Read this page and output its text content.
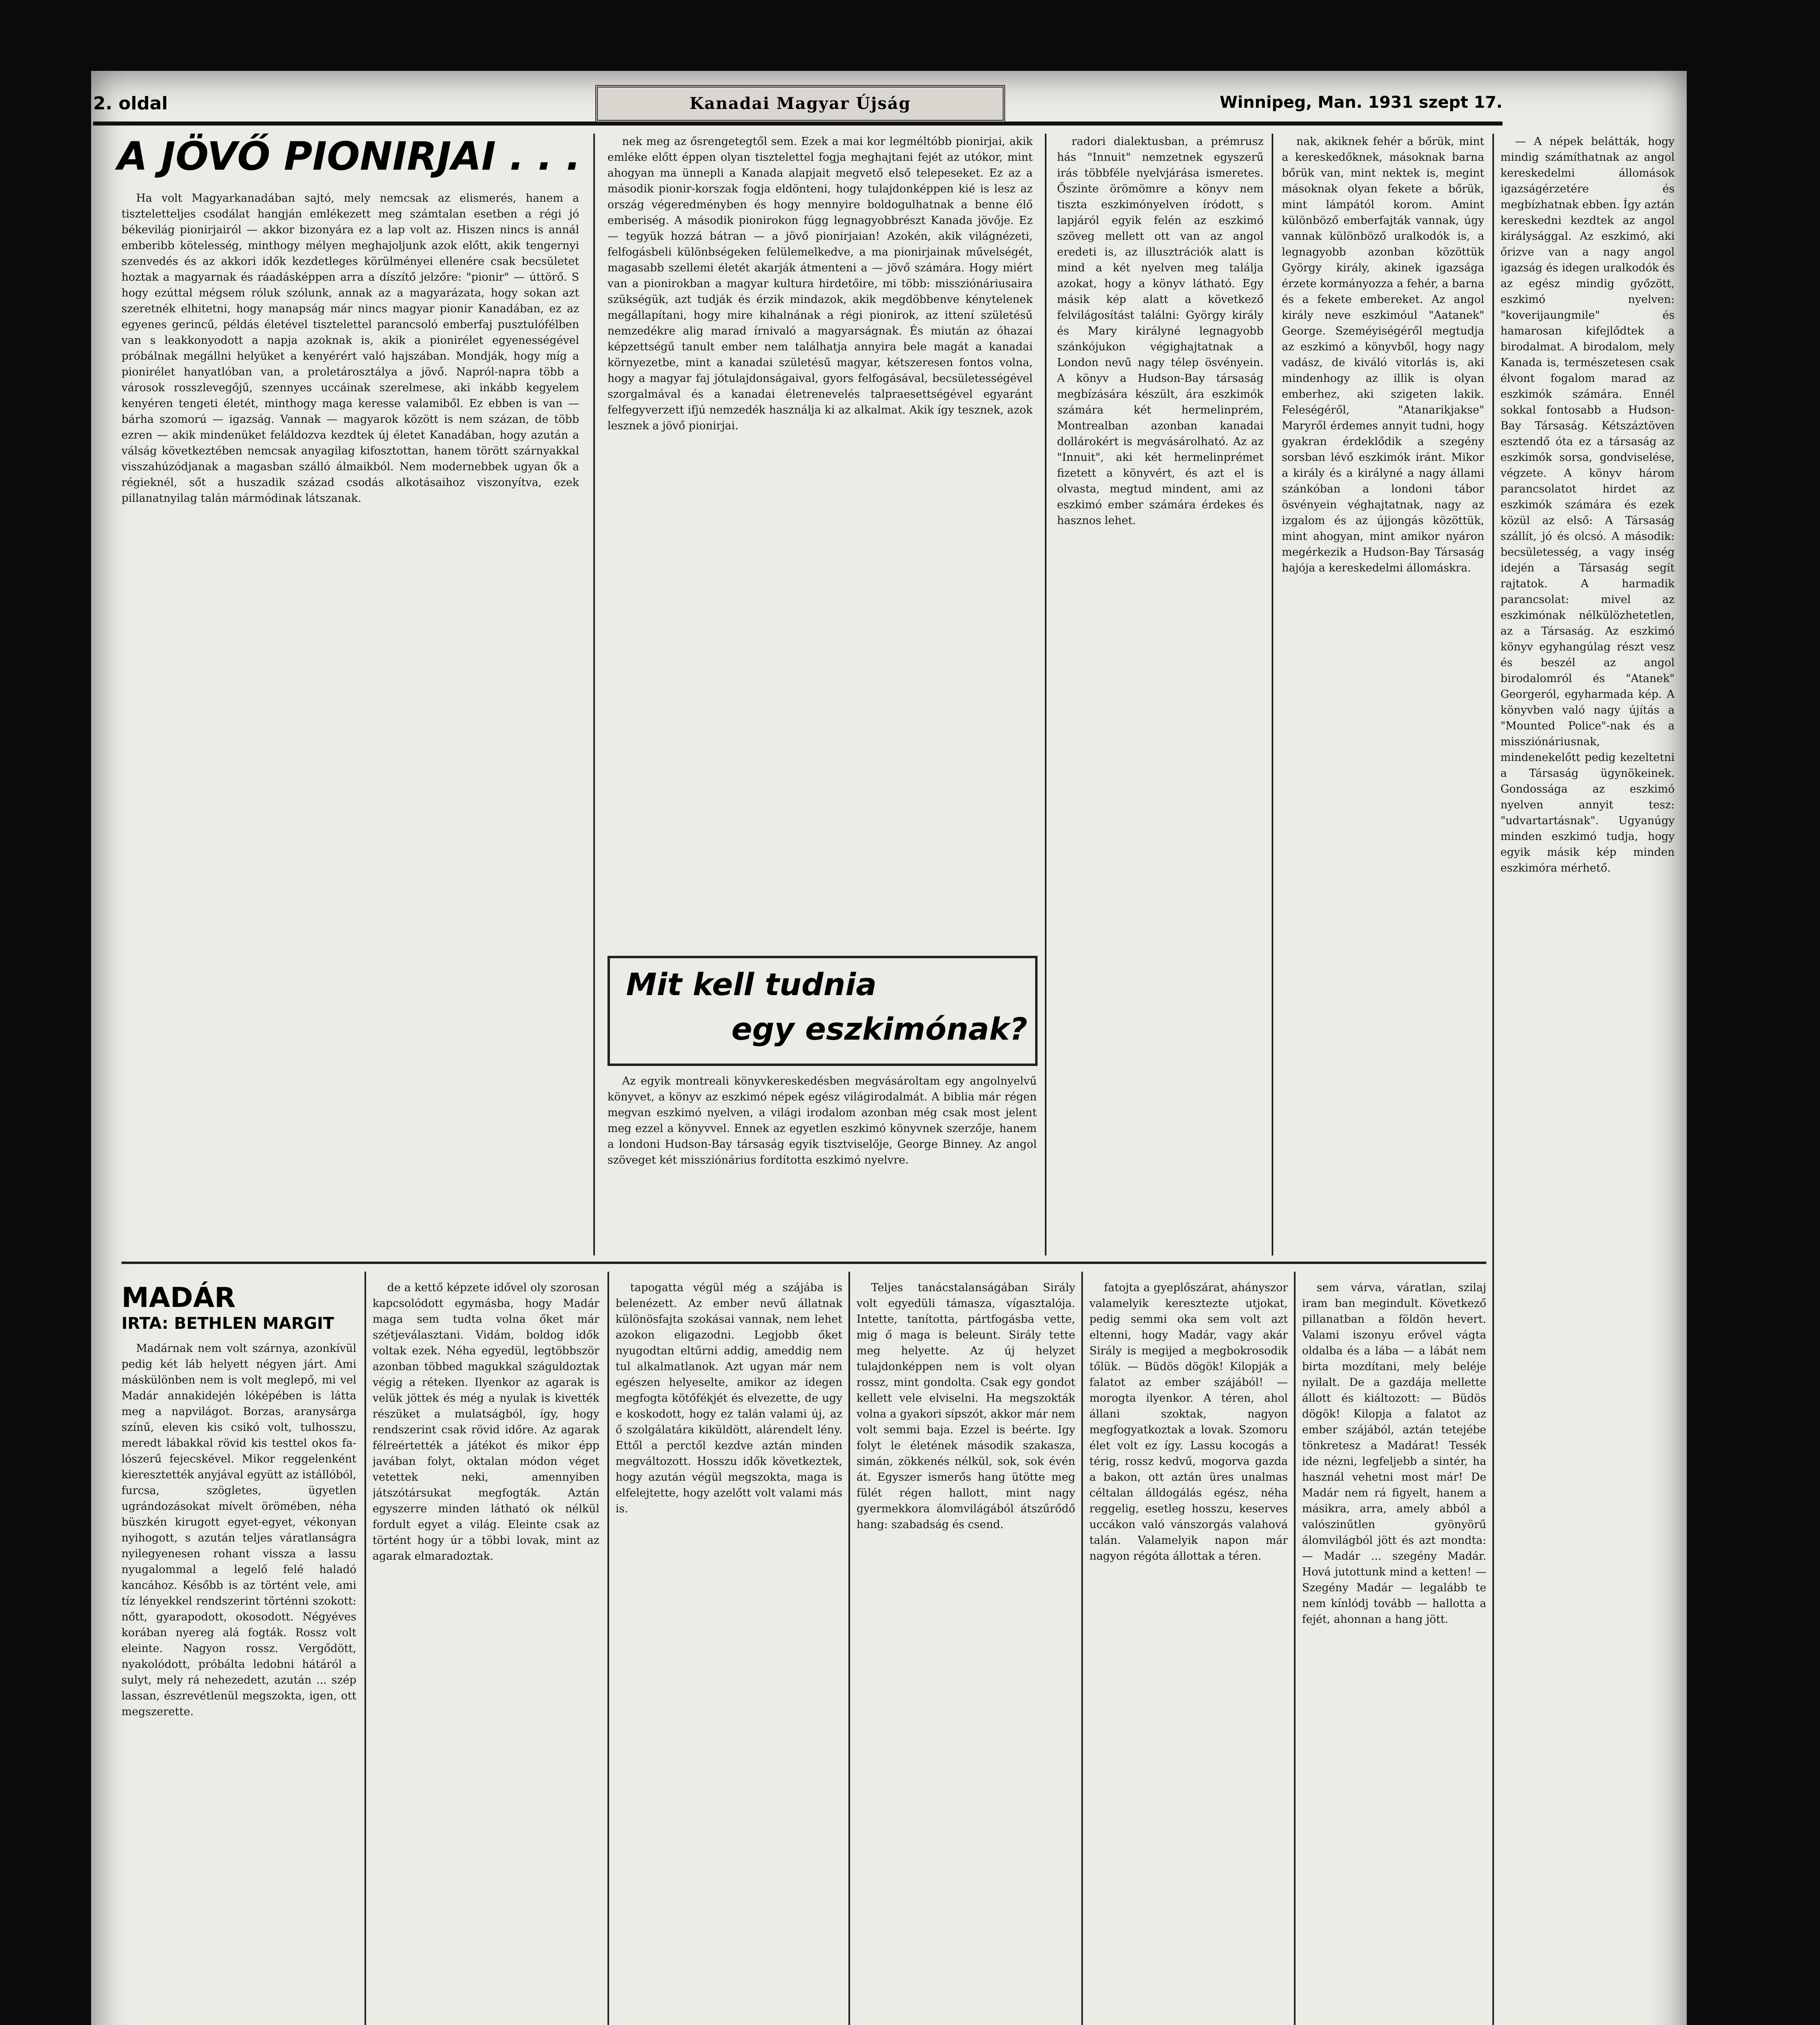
2. oldal	Kanadai Magyar Újság	Winnipeg, Man. 1931 szept 17.
A JÖVŐ PIONIRJAI . . .

Ha volt Magyarkanadában sajtó, mely nemcsak az elismerés, hanem a tiszteletteljes csodálat hangján emlékezett meg számtalan esetben a régi jó békevilág pionirjairól — akkor bizonyára ez a lap volt az. Hiszen nincs is annál emberibb kötelesség, minthogy mélyen meghajoljunk azok előtt, akik tengernyi szenvedés és az akkori idők kezdetleges körülményei ellenére csak becsületet hoztak a magyarnak és ráadásképpen arra a díszítő jelzőre: "pionir" — úttörő. S hogy ezúttal mégsem róluk szólunk, annak az a magyarázata, hogy sokan azt szeretnék elhitetni, hogy manapság már nincs magyar pionir Kanadában, ez az egyenes gerincű, példás életével tisztelettel parancsoló emberfaj pusztulófélben van s leakkonyodott a napja azoknak is, akik a pionirélet egyenességével próbálnak megállni helyüket a kenyérért való hajszában. Mondják, hogy míg a pionirélet hanyatlóban van, a proletárosztálya a jövő. Napról-napra több a városok rosszlevegőjű, szennyes uccáinak szerelmese, aki inkább kegyelem kenyéren tengeti életét, minthogy maga keresse valamiből. Ez ebben is van — bárha szomorú — igazság. Vannak — magyarok között is nem százan, de több ezren — akik mindenüket feláldozva kezdtek új életet Kanadában, hogy azután a válság következtében nemcsak anyagilag kifosztottan, hanem törött szárnyakkal visszahúzódjanak a magasban szálló álmaikból. Nem modernebbek ugyan ők a régieknél, sőt a huszadik század csodás alkotásaihoz viszonyítva, ezek pillanatnyilag talán mármódinak látszanak.

nek meg az ősrengetegtől sem. Ezek a mai kor legméltóbb pionirjai, akik emléke előtt éppen olyan tisztelettel fogja meghajtani fejét az utókor, mint ahogyan ma ünnepli a Kanada alapjait megvető első telepeseket. Ez az a második pionir-korszak fogja eldönteni, hogy tulajdonképpen kié is lesz az ország végeredményben és hogy mennyire boldogulhatnak a benne élő emberiség. A második pionirokon fúgg legnagyobbrészt Kanada jövője. Ez — tegyük hozzá bátran — a jövő pionirjaian! Azokén, akik világnézeti, felfogásbeli különbségeken felülemelkedve, a ma pionirjainak művelségét, magasabb szellemi életét akarják átmenteni a — jövő számára. Hogy miért van a pionirokban a magyar kultura hirdetőire, mi több: missziónáriusaira szükségük, azt tudják és érzik mindazok, akik megdöbbenve kénytelenek megállapítani, hogy mire kihalnának a régi pionirok, az ittení születésű nemzedékre alig marad írnivaló a magyarságnak. És miután az óhazai képzettségű tanult ember nem találhatja annyira bele magát a kanadai környezetbe, mint a kanadai születésű magyar, kétszeresen fontos volna, hogy a magyar faj jótulajdonságaival, gyors felfogásával, becsületességével szorgalmával és a kanadai életrenevelés talpraesettségével egyaránt felfegyverzett ifjú nemzedék használja ki az alkalmat. Akik így tesznek, azok lesznek a jövő pionirjai.

radori dialektusban, a prémrusz hás "Innuit" nemzetnek egyszerű irás többféle nyelvjárása ismeretes. Őszinte örömömre a könyv nem tiszta eszkimónyelven íródott, s lapjáról egyik felén az eszkimó szöveg mellett ott van az angol eredeti is, az illusztrációk alatt is mind a két nyelven meg találja azokat, hogy a könyv látható. Egy másik kép alatt a következő felvilágosítást találni: György király és Mary királyné legnagyobb szánkójukon végighajtatnak a London nevű nagy télep ösvényein. A könyv a Hudson-Bay társaság megbízására készült, ára eszkimók számára két hermelinprém, Montrealban azonban kanadai dollárokért is megvásárolható. Az az "Innuit", aki két hermelinprémet fizetett a könyvért, és azt el is olvasta, megtud mindent, ami az eszkimó ember számára érdekes és hasznos lehet.

nak, akiknek fehér a bőrük, mint a kereskedőknek, másoknak barna bőrük van, mint nektek is, megint másoknak olyan fekete a bőrük, mint lámpától korom. Amint különböző emberfajták vannak, úgy vannak különböző uralkodók is, a legnagyobb azonban közöttük György király, akinek igazsága érzete kormányozza a fehér, a barna és a fekete embereket. Az angol király neve eszkimóul "Aatanek" George. Szeméyiségéről megtudja az eszkimó a könyvből, hogy nagy vadász, de kiváló vitorlás is, aki mindenhogy az illik is olyan emberhez, aki szigeten lakik. Feleségéről, "Atanarikjakse" Maryről érdemes annyit tudni, hogy gyakran érdeklődik a szegény sorsban lévő eszkimók iránt. Mikor a király és a királyné a nagy állami szánkóban a londoni tábor ösvényein véghajtatnak, nagy az izgalom és az újjongás közöttük, mint ahogyan, mint amikor nyáron megérkezik a Hudson-Bay Társaság hajója a kereskedelmi állomáskra.

— A népek belátták, hogy mindig számíthatnak az angol kereskedelmi állomások igazságérzetére és megbízhatnak ebben. Így aztán kereskedni kezdtek az angol királysággal. Az eszkimó, aki őrizve van a nagy angol igazság és idegen uralkodók és az egész mindig győzött, eszkimó nyelven: "koverijaungmile" és hamarosan kifejlődtek a birodalmat. A birodalom, mely Kanada is, természetesen csak élvont fogalom marad az eszkimók számára. Ennél sokkal fontosabb a Hudson-Bay Társaság. Kétszáztöven esztendő óta ez a társaság az eszkimók sorsa, gondviselése, végzete. A könyv három parancsolatot hirdet az eszkimók számára és ezek közül az első: A Társaság szállít, jó és olcsó. A második: becsületesség, a vagy inség idején a Társaság segít rajtatok. A harmadik parancsolat: mivel az eszkimónak nélkülözhetetlen, az a Társaság. Az eszkimó könyv egyhangúlag részt vesz és beszél az angol birodalomról és "Atanek" Georgeról, egyharmada kép. A könyvben való nagy újítás a "Mounted Police"-nak és a missziónáriusnak, mindenekelőtt pedig kezeltetni a Társaság ügynökeinek. Gondossága az eszkimó nyelven annyit tesz: "udvartartásnak". Ugyanúgy minden eszkimó tudja, hogy egyik másik kép minden eszkimóra mérhető.

Mit kell tudnia
egy eszkimónak?

Az egyik montreali könyvkereskedésben megvásároltam egy angolnyelvű könyvet, a könyv az eszkimó népek egész világirodalmát. A biblia már régen megvan eszkimó nyelven, a világi irodalom azonban még csak most jelent meg ezzel a könyvvel. Ennek az egyetlen eszkimó könyvnek szerzője, hanem a londoni Hudson-Bay társaság egyik tisztviselője, George Binney. Az angol szöveget két missziónárius fordította eszkimó nyelvre.

MADÁR
IRTA: BETHLEN MARGIT

Madárnak nem volt szárnya, azonkívül pedig két láb helyett négyen járt. Ami máskülönben nem is volt meglepő, mi vel Madár annakidején lóképében is látta meg a napvilágot. Borzas, aranysárga színű, eleven kis csikó volt, tulhosszu, meredt lábakkal rövid kis testtel okos fa-lószerű fejecskével. Mikor reggelenként kieresztették anyjával együtt az istállóból, furcsa, szögletes, ügyetlen ugrándozásokat mívelt örömében, néha büszkén kirugott egyet-egyet, vékonyan nyihogott, s azután teljes váratlanságra nyilegyenesen rohant vissza a lassu nyugalommal a legelő felé haladó kancához. Később is az történt vele, ami tíz lényekkel rendszerint történni szokott: nőtt, gyarapodott, okosodott. Négyéves korában nyereg alá fogták. Rossz volt eleinte. Nagyon rossz. Vergődött, nyakolódott, próbálta ledobni hátáról a sulyt, mely rá nehezedett, azután ... szép lassan, észrevétlenül megszokta, igen, ott megszerette.

de a kettő képzete idővel oly szorosan kapcsolódott egymásba, hogy Madár maga sem tudta volna őket már szétjeválasztani. Vidám, boldog idők voltak ezek. Néha egyedül, legtöbbször azonban többed magukkal száguldoztak végig a réteken. Ilyenkor az agarak is velük jöttek és még a nyulak is kivették részüket a mulatságból, így, hogy rendszerint csak rövid időre. Az agarak félreértették a játékot és mikor épp javában folyt, oktalan módon véget vetettek neki, amennyiben játszótársukat megfogták. Aztán egyszerre minden látható ok nélkül fordult egyet a világ. Eleinte csak az történt hogy úr a többi lovak, mint az agarak elmaradoztak.

tapogatta végül még a szájába is belenézett. Az ember nevű állatnak különösfajta szokásai vannak, nem lehet azokon eligazodni. Legjobb őket nyugodtan eltűrni addig, ameddig nem tul alkalmatlanok. Azt ugyan már nem egészen helyeselte, amikor az idegen megfogta kötőfékjét és elvezette, de ugy e koskodott, hogy ez talán valami új, az ő szolgálatára kiküldött, alárendelt lény. Ettől a perctől kezdve aztán minden megváltozott. Hosszu idők következtek, hogy azután végül megszokta, maga is elfelejtette, hogy azelőtt volt valami más is.

Teljes tanácstalanságában Sirály volt egyedüli támasza, vígasztalója. Intette, tanította, pártfogásba vette, mig ő maga is beleunt. Sirály tette meg helyette. Az új helyzet tulajdonképpen nem is volt olyan rossz, mint gondolta. Csak egy gondot kellett vele elviselni. Ha megszokták volna a gyakori sípszót, akkor már nem volt semmi baja. Ezzel is beérte. Igy folyt le életének második szakasza, simán, zökkenés nélkül, sok, sok évén át. Egyszer ismerős hang ütötte meg fülét régen hallott, mint nagy gyermekkora álomvilágából átszűrődő hang: szabadság és csend.

fatojta a gyeplőszárat, ahányszor valamelyik keresztezte utjokat, pedig semmi oka sem volt azt eltenni, hogy Madár, vagy akár Sirály is megijed a megbokrosodik tőlük. — Büdös dögök! Kilopják a falatot az ember szájából! — morogta ilyenkor. A téren, ahol állani szoktak, nagyon megfogyatkoztak a lovak. Szomoru élet volt ez így. Lassu kocogás a térig, rossz kedvű, mogorva gazda a bakon, ott aztán üres unalmas céltalan álldogálás egész, néha reggelig, esetleg hosszu, keserves uccákon való vánszorgás valahová talán. Valamelyik napon már nagyon régóta állottak a téren.

sem várva, váratlan, szilaj iram ban megindult. Következő pillanatban a földön hevert. Valami iszonyu erővel vágta oldalba és a lába — a lábát nem birta mozdítani, mely beléje nyilalt. De a gazdája mellette állott és kiáltozott: — Büdös dögök! Kilopja a falatot az ember szájából, aztán tetejébe tönkretesz a Madárat! Tessék ide nézni, legfeljebb a sintér, ha használ vehetni most már! De Madár nem rá figyelt, hanem a másikra, arra, amely abból a valószinűtlen gyönyörű álomvilágból jött és azt mondta: — Madár ... szegény Madár. Hová jutottunk mind a ketten! — Szegény Madár — legalább te nem kínlódj tovább — hallotta a fejét, ahonnan a hang jött.
